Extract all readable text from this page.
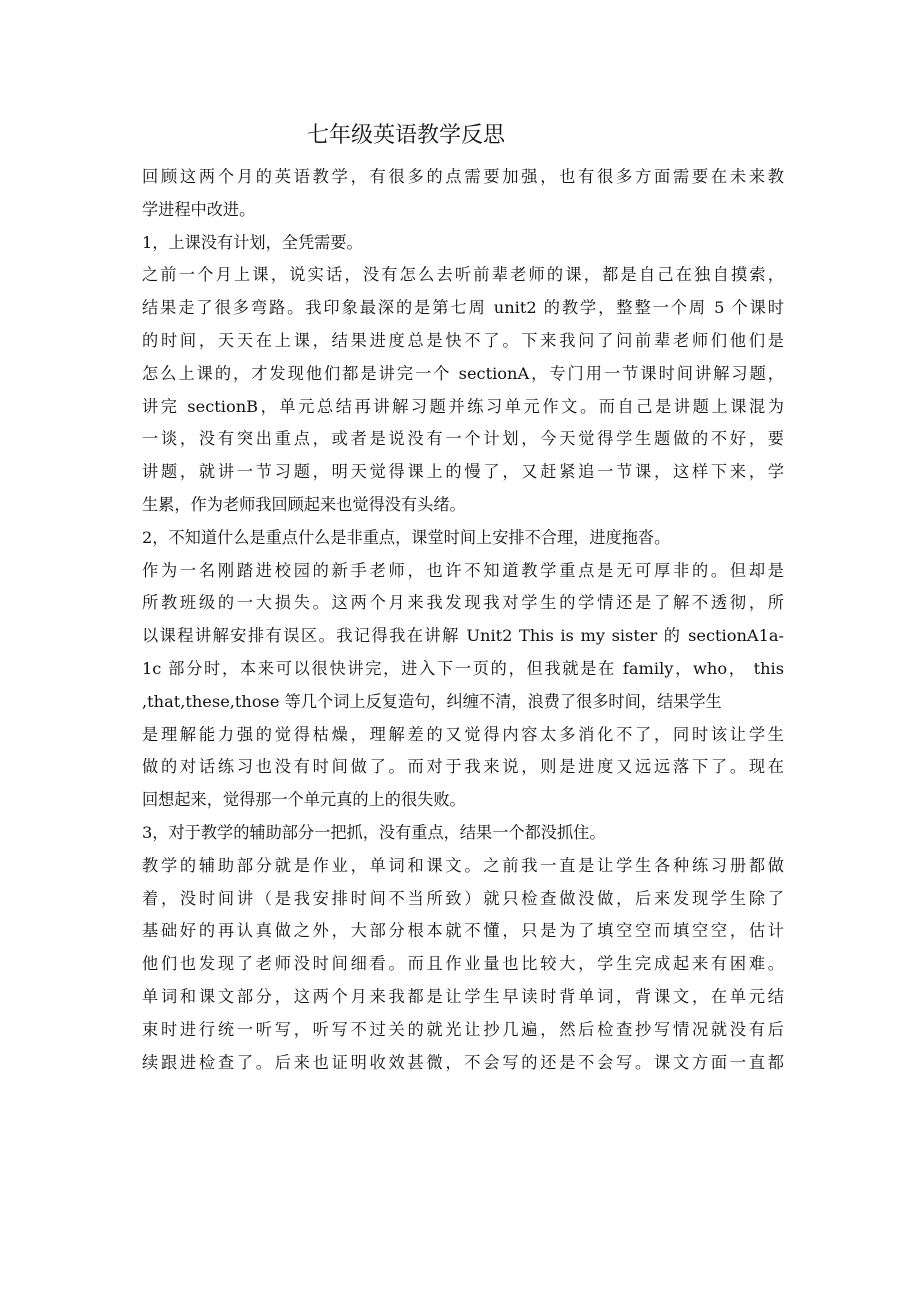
七年级英语教学反思
回顾这两个月的英语教学，有很多的点需要加强，也有很多方面需要在未来教
学进程中改进。
1，上课没有计划，全凭需要。
之前一个月上课，说实话，没有怎么去听前辈老师的课，都是自己在独自摸索，
结果走了很多弯路。我印象最深的是第七周 unit2 的教学，整整一个周 5 个课时
的时间，天天在上课，结果进度总是快不了。下来我问了问前辈老师们他们是
怎么上课的，才发现他们都是讲完一个 sectionA，专门用一节课时间讲解习题，
讲完 sectionB，单元总结再讲解习题并练习单元作文。而自己是讲题上课混为
一谈，没有突出重点，或者是说没有一个计划，今天觉得学生题做的不好，要
讲题，就讲一节习题，明天觉得课上的慢了，又赶紧追一节课，这样下来，学
生累，作为老师我回顾起来也觉得没有头绪。
2，不知道什么是重点什么是非重点，课堂时间上安排不合理，进度拖沓。
作为一名刚踏进校园的新手老师，也许不知道教学重点是无可厚非的。但却是
所教班级的一大损失。这两个月来我发现我对学生的学情还是了解不透彻，所
以课程讲解安排有误区。我记得我在讲解 Unit2 This is my sister 的 sectionA1a-
1c 部分时，本来可以很快讲完，进入下一页的，但我就是在 family，who， this
,that,these,those 等几个词上反复造句，纠缠不清，浪费了很多时间，结果学生
是理解能力强的觉得枯燥，理解差的又觉得内容太多消化不了，同时该让学生
做的对话练习也没有时间做了。而对于我来说，则是进度又远远落下了。现在
回想起来，觉得那一个单元真的上的很失败。
3，对于教学的辅助部分一把抓，没有重点，结果一个都没抓住。
教学的辅助部分就是作业，单词和课文。之前我一直是让学生各种练习册都做
着，没时间讲（是我安排时间不当所致）就只检查做没做，后来发现学生除了
基础好的再认真做之外，大部分根本就不懂，只是为了填空空而填空空，估计
他们也发现了老师没时间细看。而且作业量也比较大，学生完成起来有困难。
单词和课文部分，这两个月来我都是让学生早读时背单词，背课文，在单元结
束时进行统一听写，听写不过关的就光让抄几遍，然后检查抄写情况就没有后
续跟进检查了。后来也证明收效甚微，不会写的还是不会写。课文方面一直都
